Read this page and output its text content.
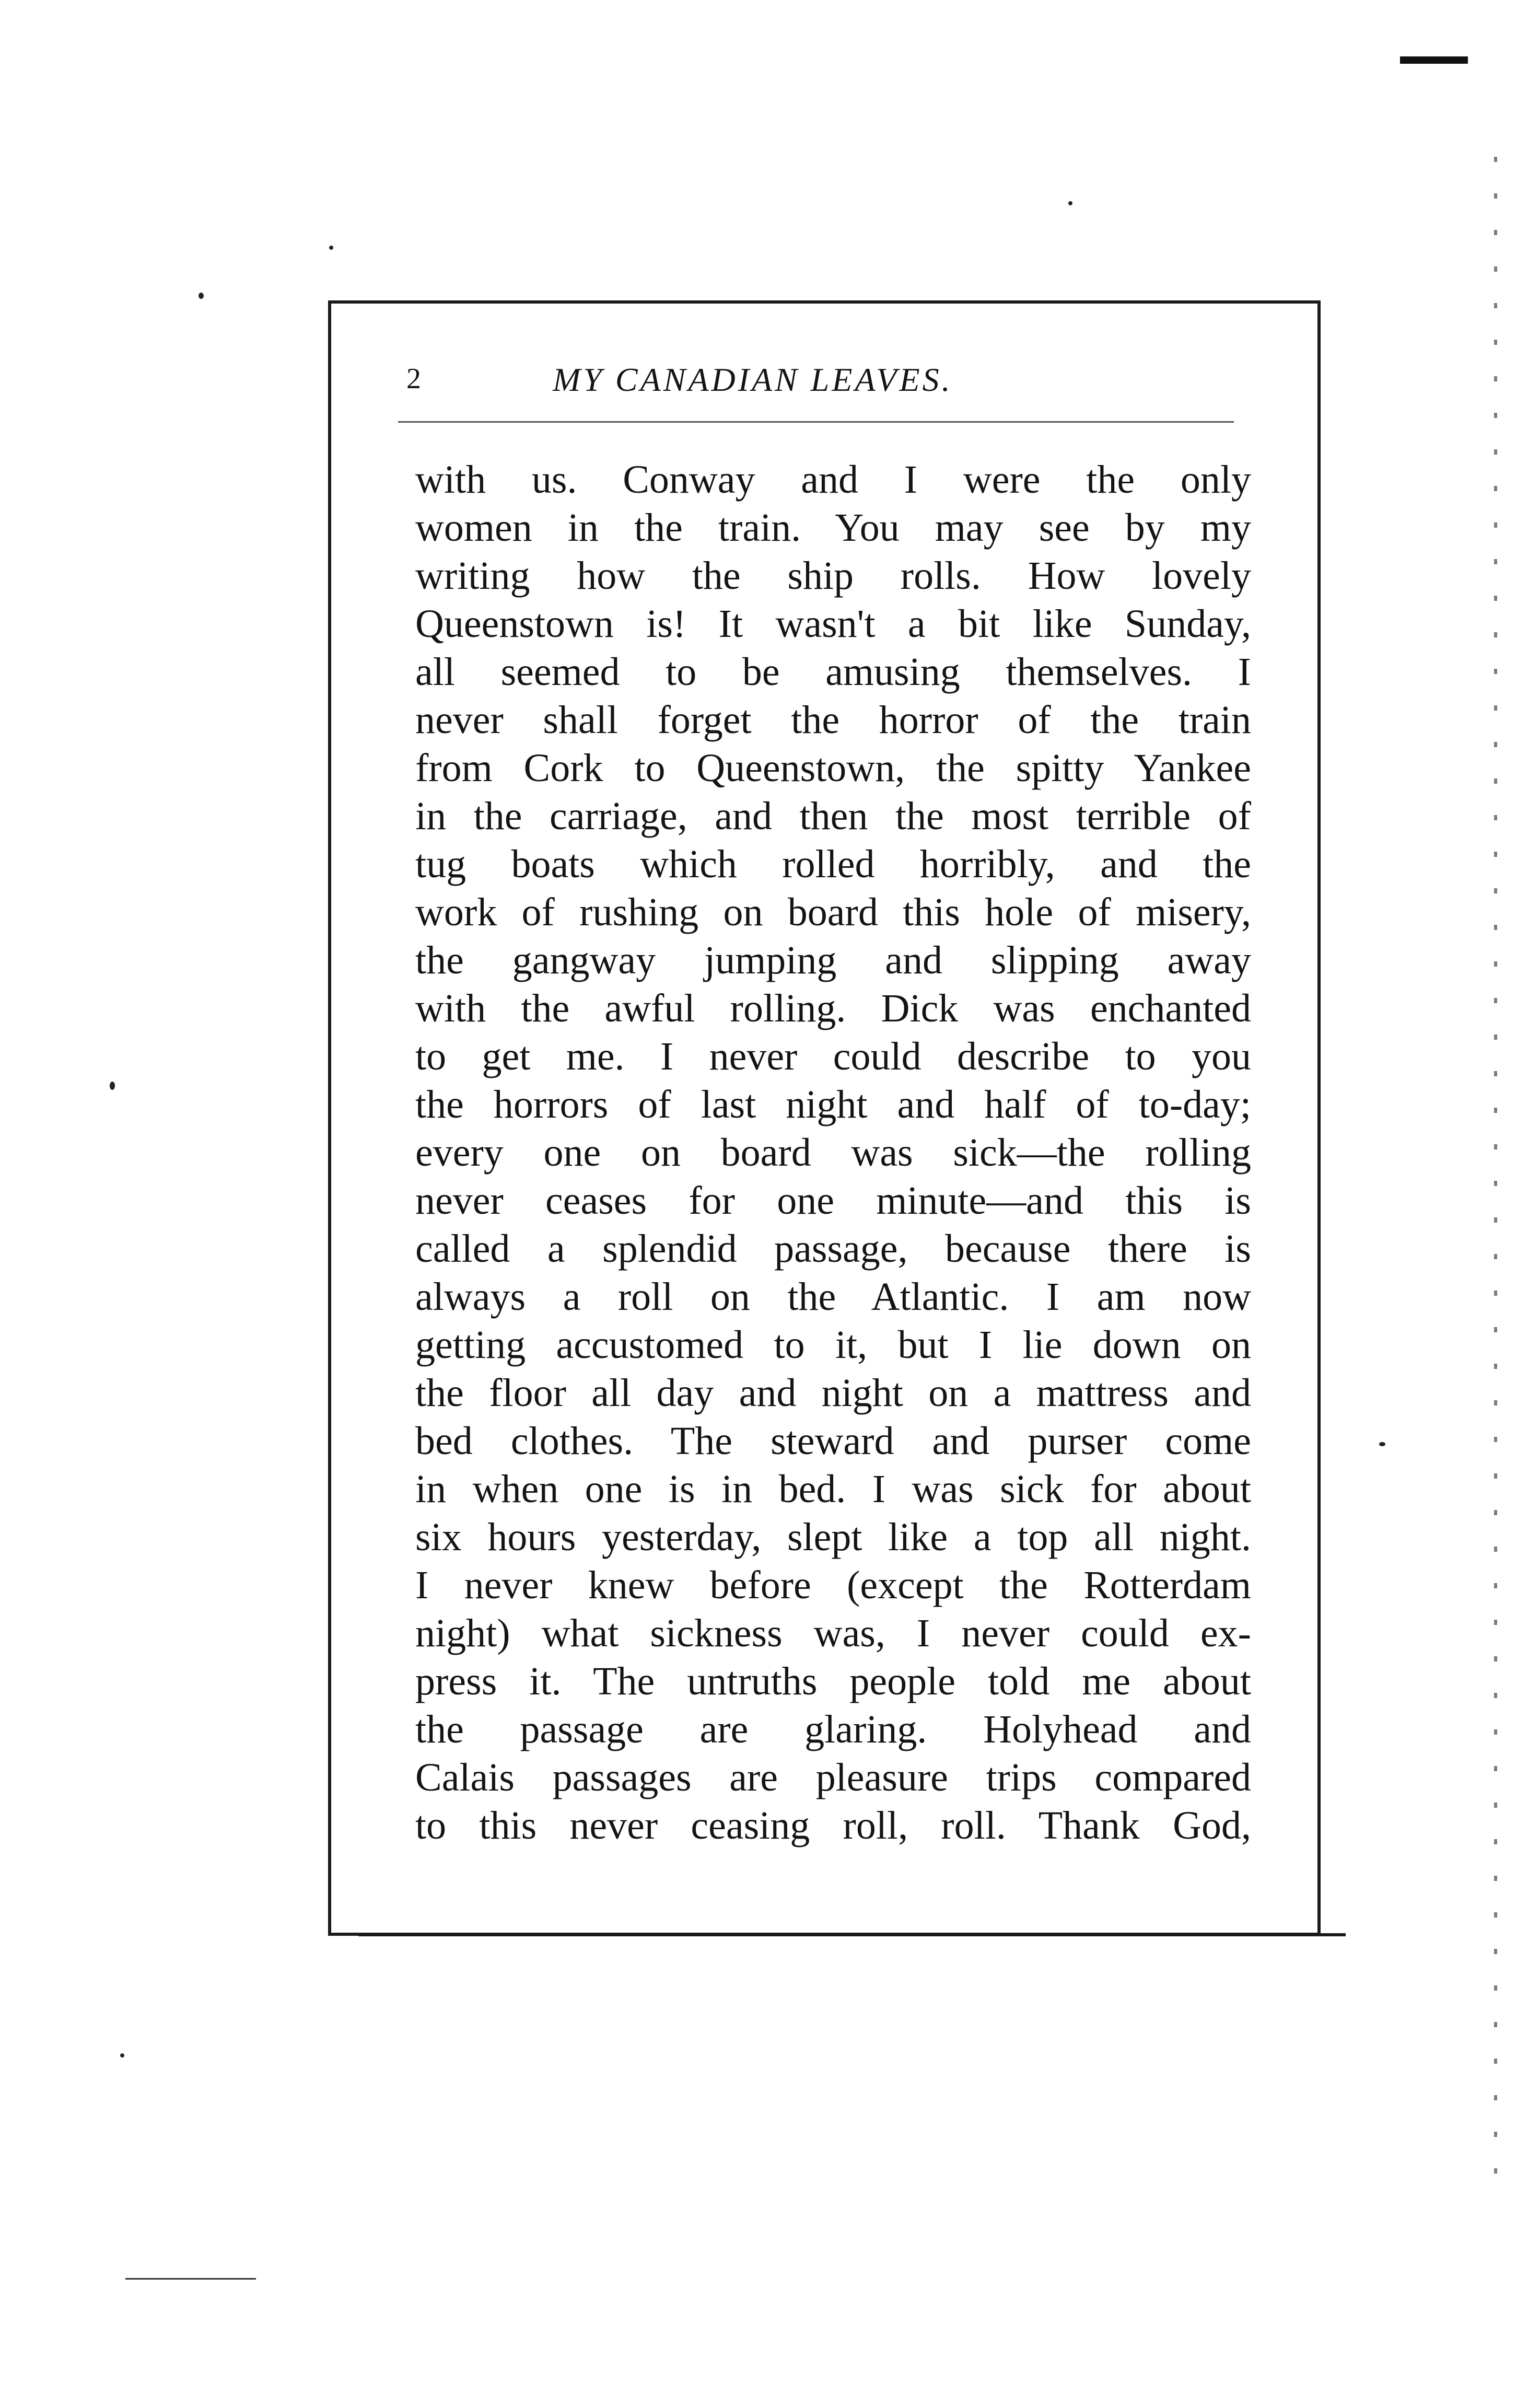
2	MY CANADIAN LEAVES.
with us. Conway and I were the only
women in the train. You may see by my
writing how the ship rolls. How lovely
Queenstown is! It wasn't a bit like Sunday,
all seemed to be amusing themselves. I
never shall forget the horror of the train
from Cork to Queenstown, the spitty Yankee
in the carriage, and then the most terrible of
tug boats which rolled horribly, and the
work of rushing on board this hole of misery,
the gangway jumping and slipping away
with the awful rolling. Dick was enchanted
to get me. I never could describe to you
the horrors of last night and half of to-day;
every one on board was sick—the rolling
never ceases for one minute—and this is
called a splendid passage, because there is
always a roll on the Atlantic. I am now
getting accustomed to it, but I lie down on
the floor all day and night on a mattress and
bed clothes. The steward and purser come
in when one is in bed. I was sick for about
six hours yesterday, slept like a top all night.
I never knew before (except the Rotterdam
night) what sickness was, I never could ex-
press it. The untruths people told me about
the passage are glaring. Holyhead and
Calais passages are pleasure trips compared
to this never ceasing roll, roll. Thank God,
